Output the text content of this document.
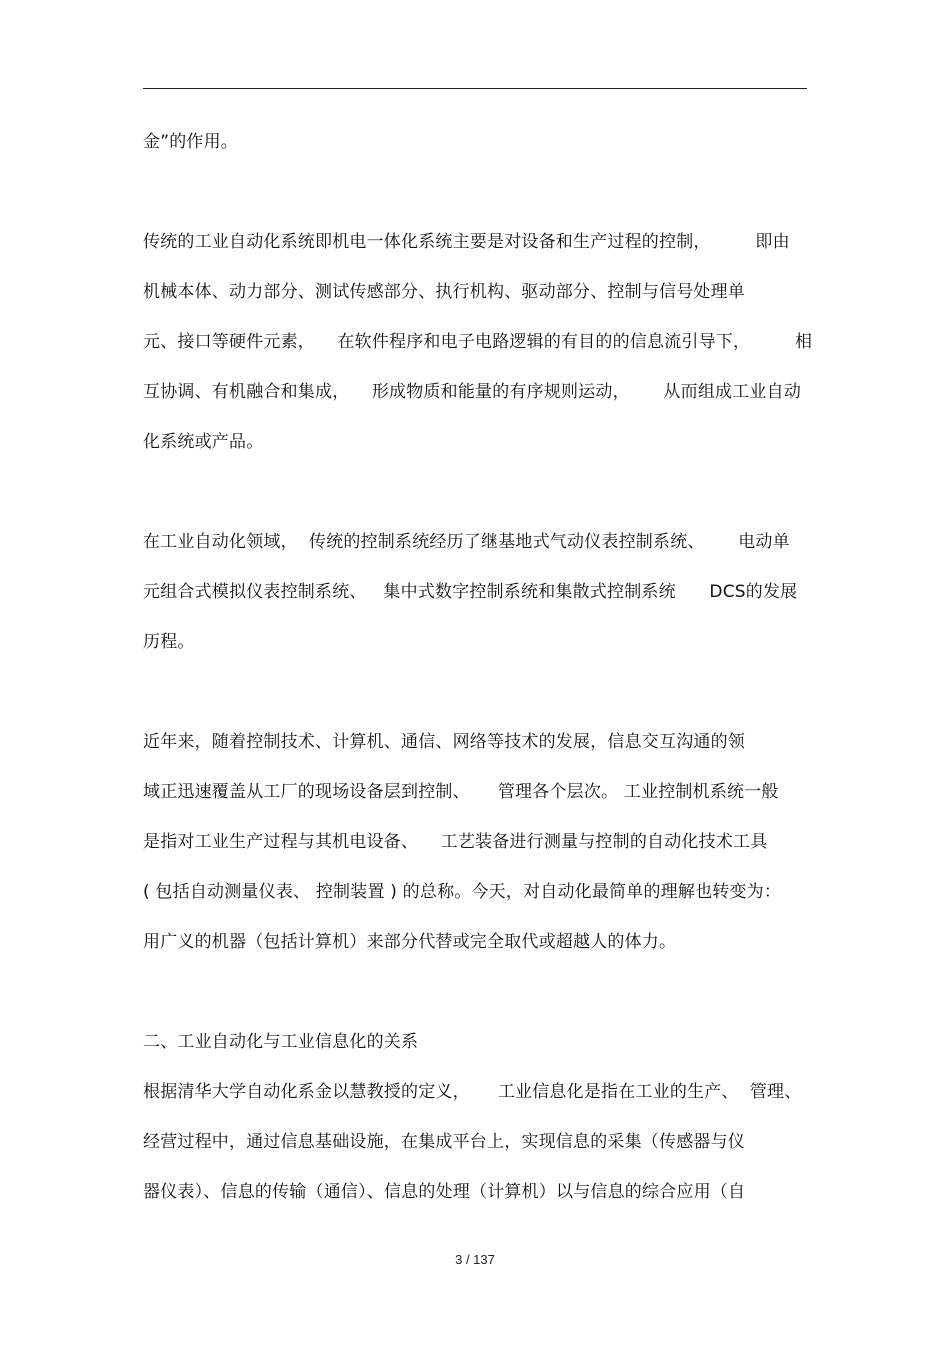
金”的作用。
传统的工业自动化系统即机电一体化系统主要是对设备和生产过程的控制，        即由
机械本体、动力部分、测试传感部分、执行机构、驱动部分、控制与信号处理单
元、接口等硬件元素，    在软件程序和电子电路逻辑的有目的的信息流引导下，        相
互协调、有机融合和集成，    形成物质和能量的有序规则运动，      从而组成工业自动
化系统或产品。
在工业自动化领域，  传统的控制系统经历了继基地式气动仪表控制系统、      电动单
元组合式模拟仪表控制系统、   集中式数字控制系统和集散式控制系统      DCS的发展
历程。
近年来，随着控制技术、计算机、通信、网络等技术的发展，信息交互沟通的领
域正迅速覆盖从工厂的现场设备层到控制、     管理各个层次。 工业控制机系统一般
是指对工业生产过程与其机电设备、    工艺装备进行测量与控制的自动化技术工具
( 包括自动测量仪表、 控制装置 ) 的总称。今天，对自动化最简单的理解也转变为：
用广义的机器（包括计算机）来部分代替或完全取代或超越人的体力。
二、工业自动化与工业信息化的关系
根据清华大学自动化系金以慧教授的定义，     工业信息化是指在工业的生产、  管理、
经营过程中，通过信息基础设施，在集成平台上，实现信息的采集（传感器与仪
器仪表）、信息的传输（通信）、信息的处理（计算机）以与信息的综合应用（自
3 / 137
